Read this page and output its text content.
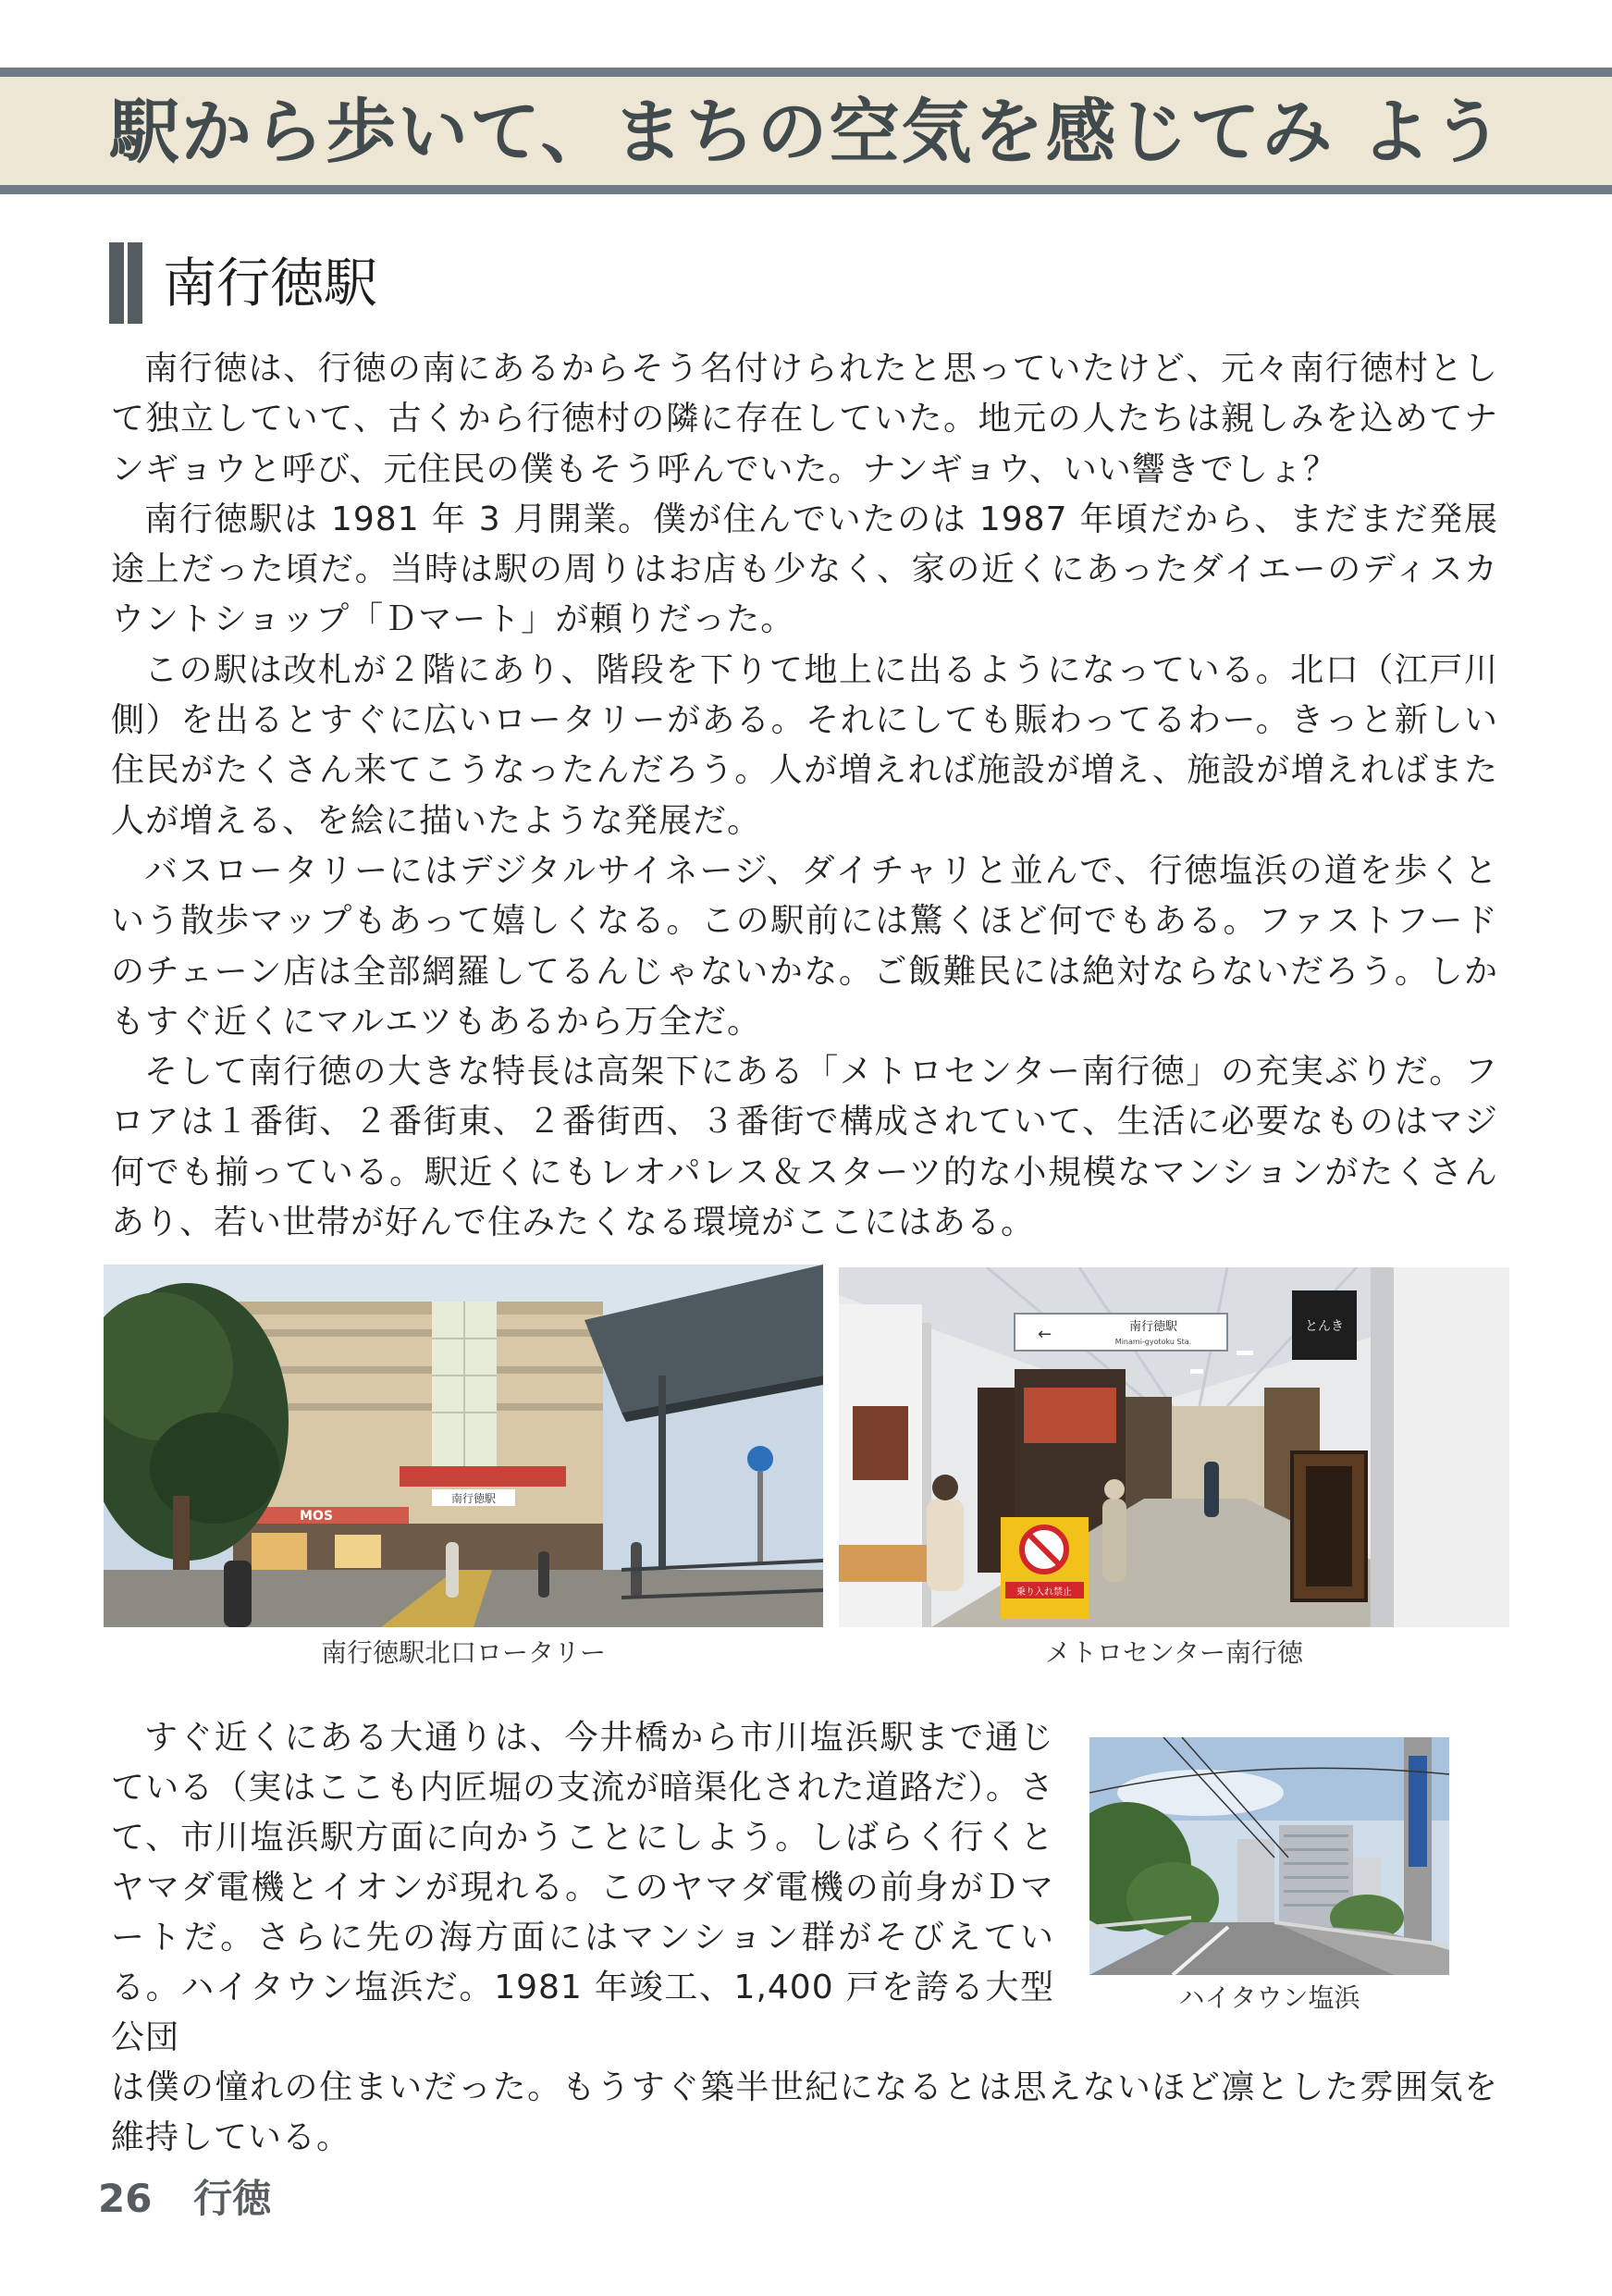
駅から歩いて、まちの空気を感じてみ よう
南行徳駅

南行徳は、行徳の南にあるからそう名付けられたと思っていたけど、元々南行徳村として独立していて、古くから行徳村の隣に存在していた。地元の人たちは親しみを込めてナンギョウと呼び、元住民の僕もそう呼んでいた。ナンギョウ、いい響きでしょ？

南行徳駅は 1981 年 3 月開業。僕が住んでいたのは 1987 年頃だから、まだまだ発展途上だった頃だ。当時は駅の周りはお店も少なく、家の近くにあったダイエーのディスカウントショップ「Ｄマート」が頼りだった。

この駅は改札が２階にあり、階段を下りて地上に出るようになっている。北口（江戸川側）を出るとすぐに広いロータリーがある。それにしても賑わってるわー。きっと新しい住民がたくさん来てこうなったんだろう。人が増えれば施設が増え、施設が増えればまた人が増える、を絵に描いたような発展だ。

バスロータリーにはデジタルサイネージ、ダイチャリと並んで、行徳塩浜の道を歩くという散歩マップもあって嬉しくなる。この駅前には驚くほど何でもある。ファストフードのチェーン店は全部網羅してるんじゃないかな。ご飯難民には絶対ならないだろう。しかもすぐ近くにマルエツもあるから万全だ。

そして南行徳の大きな特長は高架下にある「メトロセンター南行徳」の充実ぶりだ。フロアは１番街、２番街東、２番街西、３番街で構成されていて、生活に必要なものはマジ何でも揃っている。駅近くにもレオパレス＆スターツ的な小規模なマンションがたくさんあり、若い世帯が好んで住みたくなる環境がここにはある。

MOS
南行徳駅
南行徳駅北口ロータリー
←	南行徳駅
Minami-gyotoku Sta.
とんき
乗り入れ禁止
メトロセンター南行徳
ハイタウン塩浜
すぐ近くにある大通りは、今井橋から市川塩浜駅まで通じている（実はここも内匠堀の支流が暗渠化された道路だ）。さて、市川塩浜駅方面に向かうことにしよう。しばらく行くとヤマダ電機とイオンが現れる。このヤマダ電機の前身がＤマートだ。さらに先の海方面にはマンション群がそびえている。ハイタウン塩浜だ。1981 年竣工、1,400 戸を誇る大型公団
は僕の憧れの住まいだった。もうすぐ築半世紀になるとは思えないほど凛とした雰囲気を維持している。
26 行徳
